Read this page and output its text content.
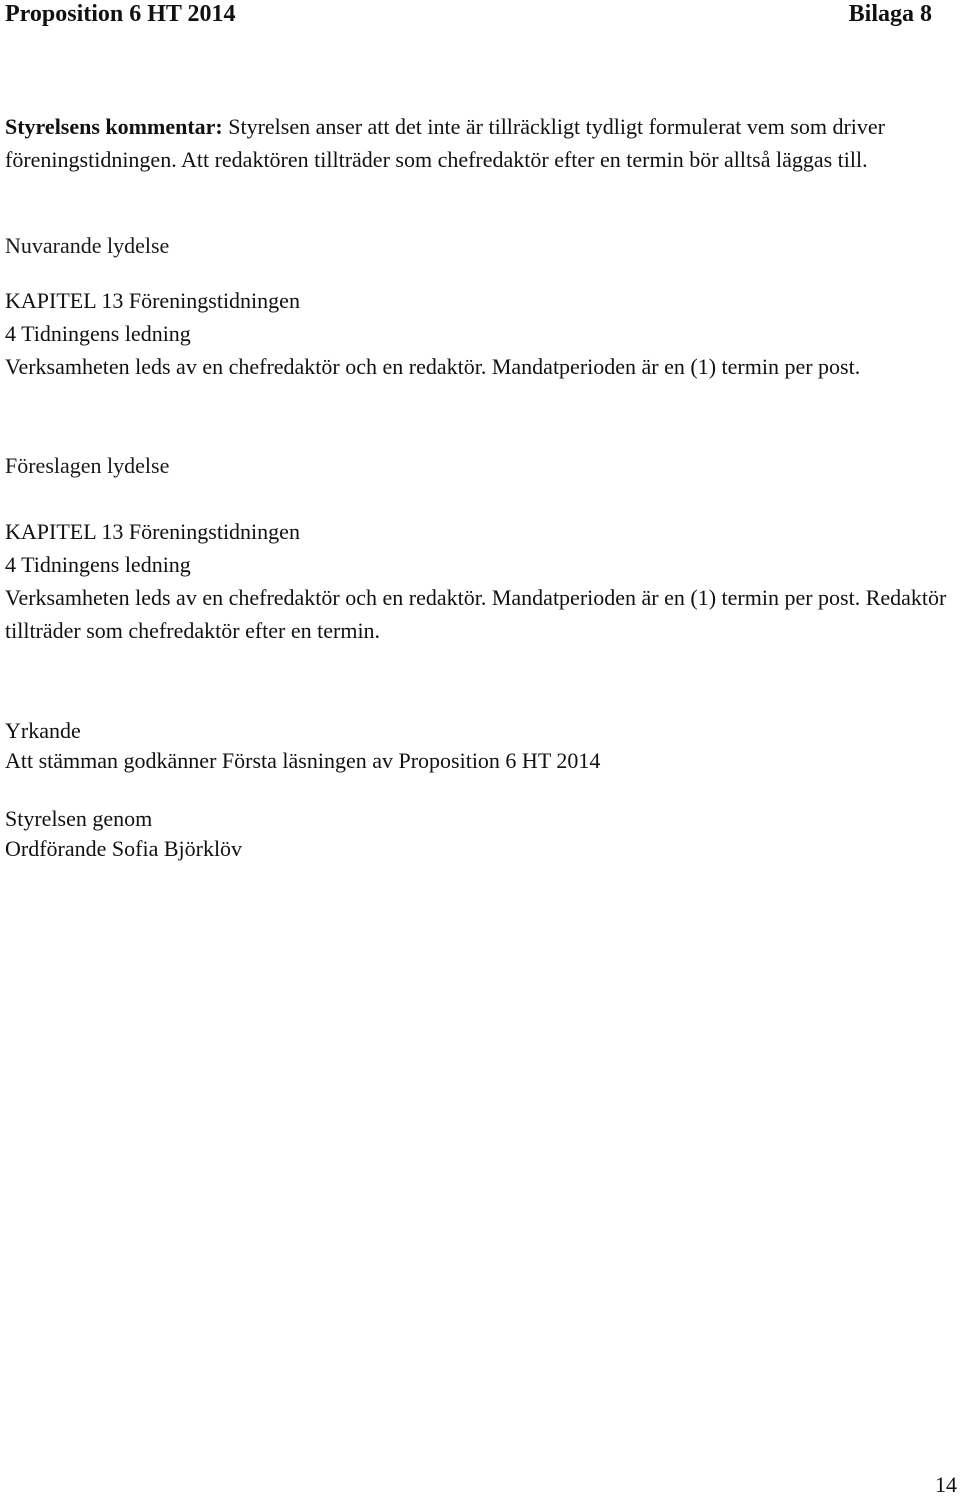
Proposition 6 HT 2014	Bilaga 8
Styrelsens kommentar: Styrelsen anser att det inte är tillräckligt tydligt formulerat vem som driver föreningstidningen. Att redaktören tillträder som chefredaktör efter en termin bör alltså läggas till.
Nuvarande lydelse
KAPITEL 13 Föreningstidningen
4 Tidningens ledning
Verksamheten leds av en chefredaktör och en redaktör. Mandatperioden är en (1) termin per post.
Föreslagen lydelse
KAPITEL 13 Föreningstidningen
4 Tidningens ledning
Verksamheten leds av en chefredaktör och en redaktör. Mandatperioden är en (1) termin per post. Redaktör tillträder som chefredaktör efter en termin.
Yrkande
Att stämman godkänner Första läsningen av Proposition 6 HT 2014
Styrelsen genom
Ordförande Sofia Björklöv
14
